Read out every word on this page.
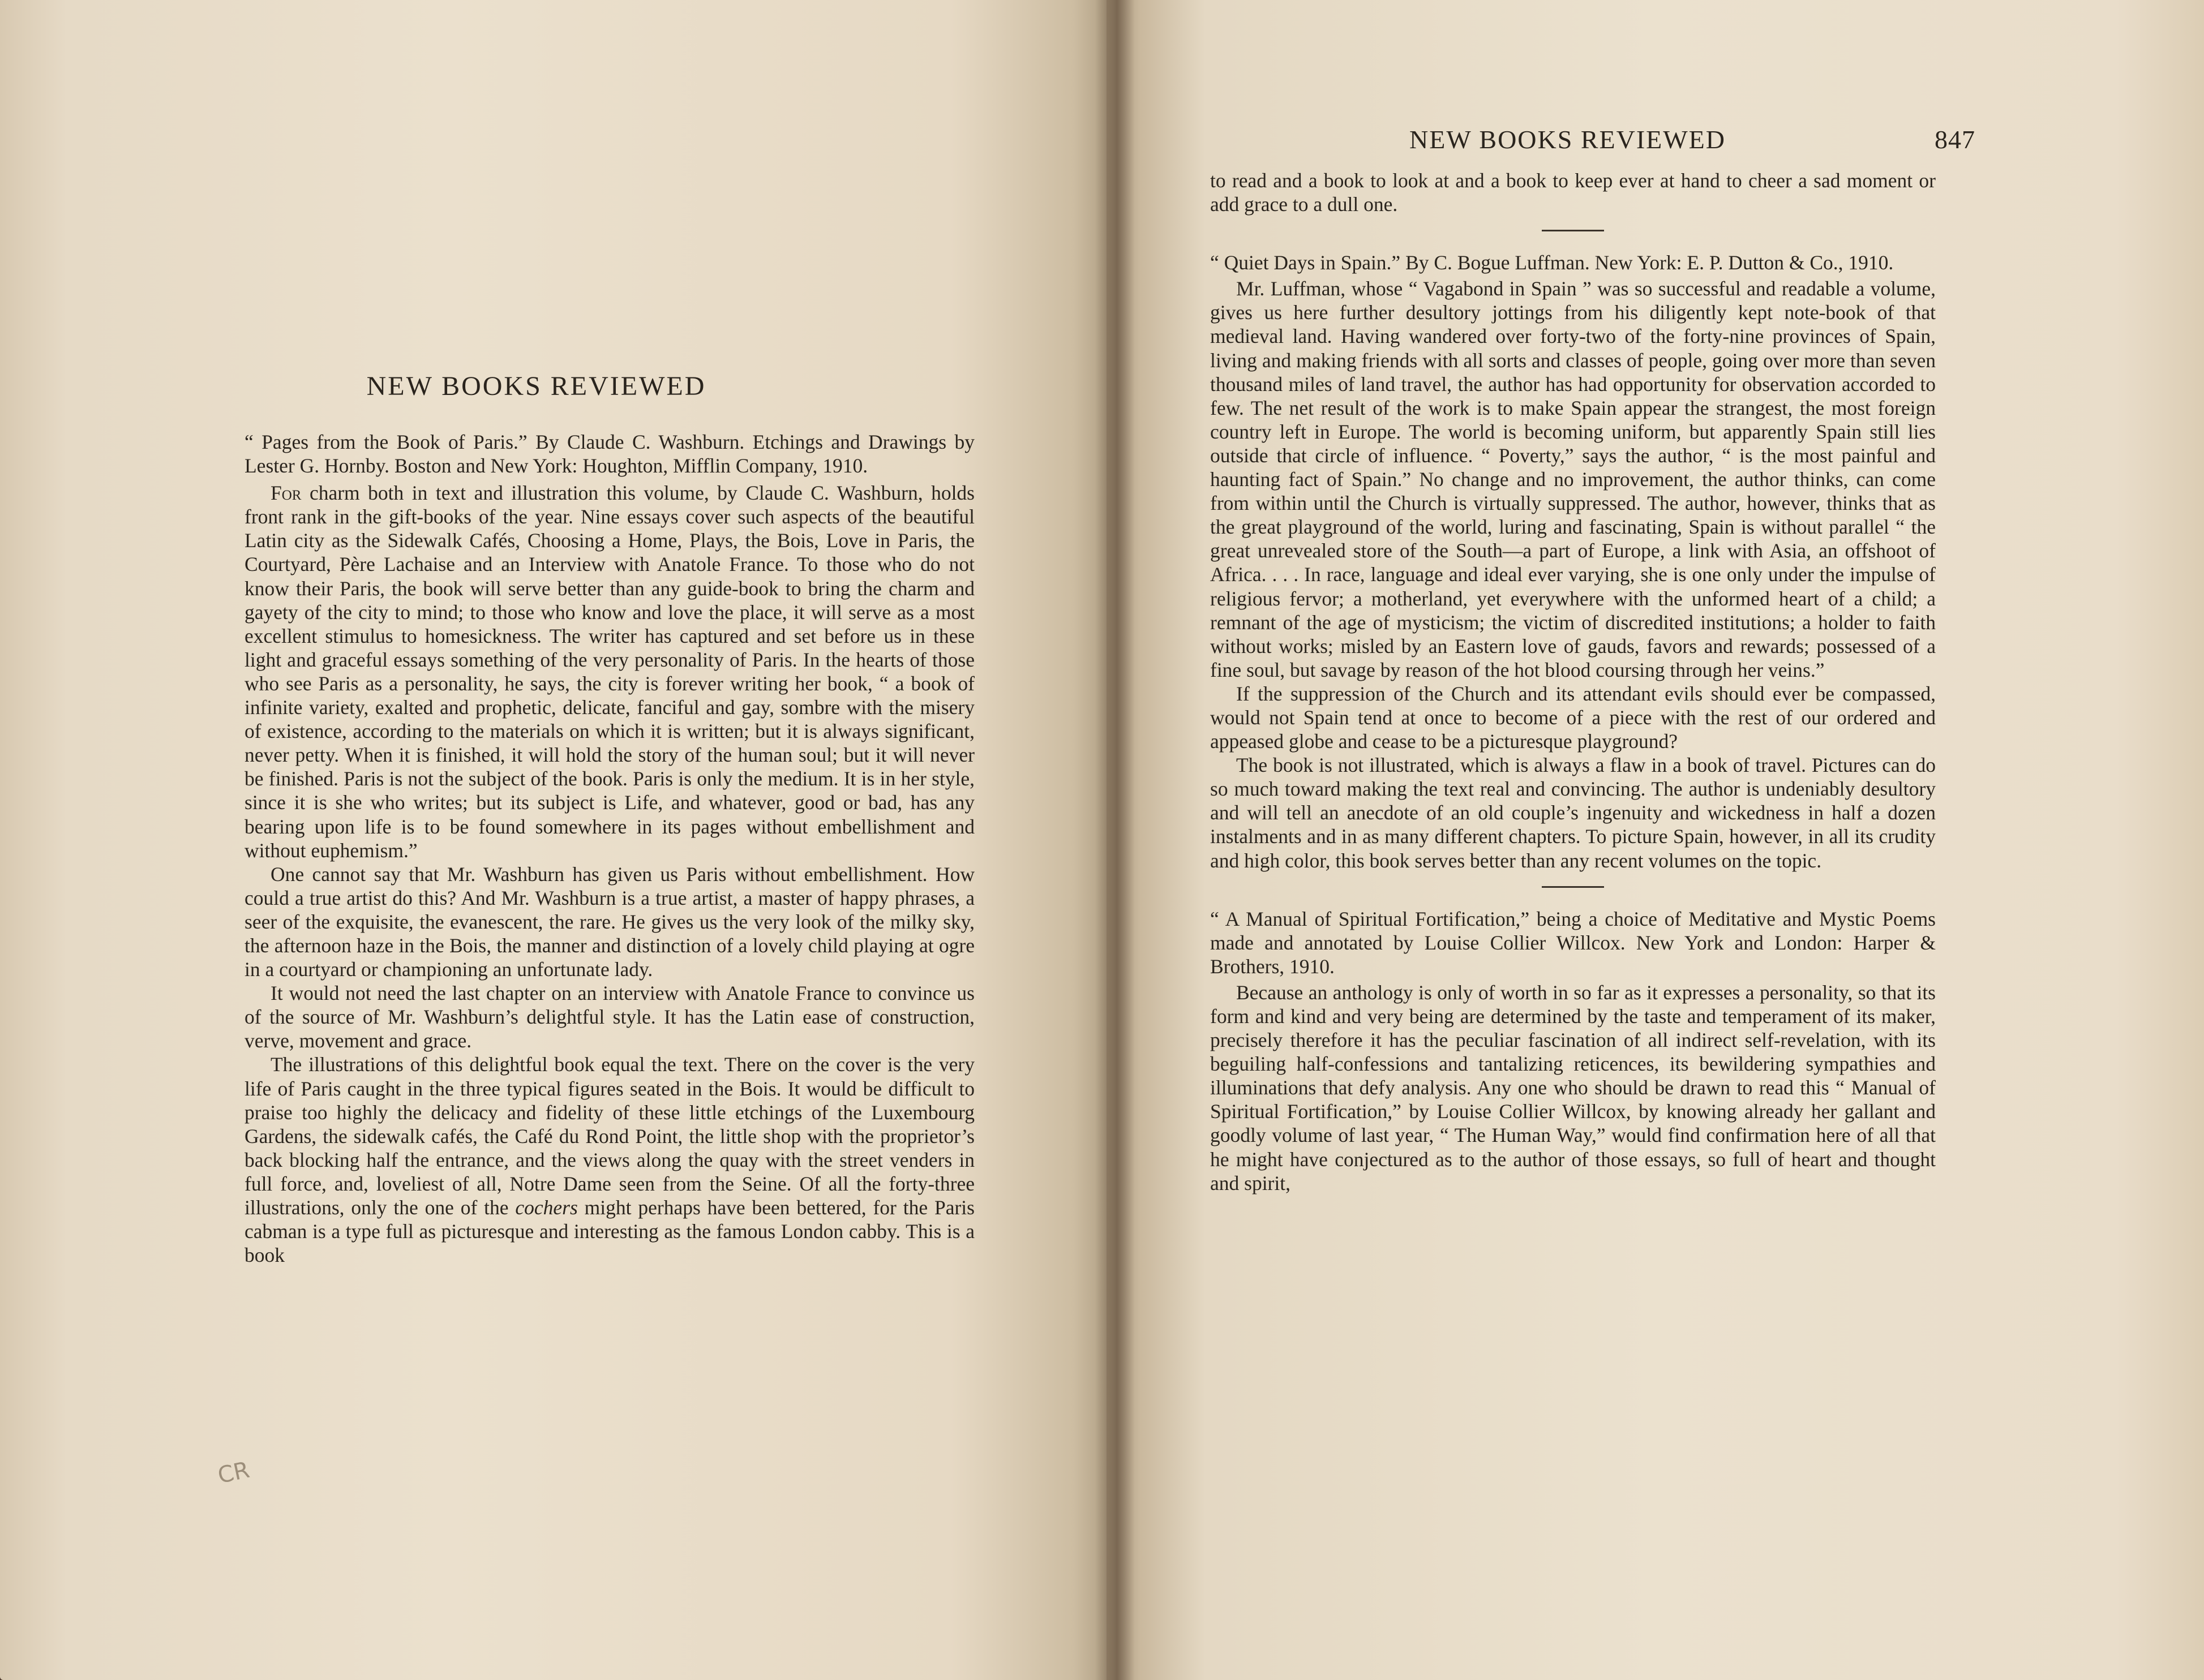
NEW BOOKS REVIEWED

“ Pages from the Book of Paris.” By Claude C. Washburn. Etchings and Drawings by Lester G. Hornby. Boston and New York: Houghton, Mifflin Company, 1910.

For charm both in text and illustration this volume, by Claude C. Washburn, holds front rank in the gift-books of the year. Nine essays cover such aspects of the beautiful Latin city as the Sidewalk Cafés, Choosing a Home, Plays, the Bois, Love in Paris, the Courtyard, Père Lachaise and an Interview with Anatole France. To those who do not know their Paris, the book will serve better than any guide-book to bring the charm and gayety of the city to mind; to those who know and love the place, it will serve as a most excellent stimulus to homesickness. The writer has captured and set before us in these light and graceful essays something of the very personality of Paris. In the hearts of those who see Paris as a personality, he says, the city is forever writing her book, “ a book of infinite variety, exalted and prophetic, delicate, fanciful and gay, sombre with the misery of existence, according to the materials on which it is written; but it is always significant, never petty. When it is finished, it will hold the story of the human soul; but it will never be finished. Paris is not the subject of the book. Paris is only the medium. It is in her style, since it is she who writes; but its subject is Life, and whatever, good or bad, has any bearing upon life is to be found somewhere in its pages without embellishment and without euphemism.”

One cannot say that Mr. Washburn has given us Paris without embellishment. How could a true artist do this? And Mr. Washburn is a true artist, a master of happy phrases, a seer of the exquisite, the evanescent, the rare. He gives us the very look of the milky sky, the afternoon haze in the Bois, the manner and distinction of a lovely child playing at ogre in a courtyard or championing an unfortunate lady.

It would not need the last chapter on an interview with Anatole France to convince us of the source of Mr. Washburn’s delightful style. It has the Latin ease of construction, verve, movement and grace.

The illustrations of this delightful book equal the text. There on the cover is the very life of Paris caught in the three typical figures seated in the Bois. It would be difficult to praise too highly the delicacy and fidelity of these little etchings of the Luxembourg Gardens, the sidewalk cafés, the Café du Rond Point, the little shop with the proprietor’s back blocking half the entrance, and the views along the quay with the street venders in full force, and, loveliest of all, Notre Dame seen from the Seine. Of all the forty-three illustrations, only the one of the cochers might perhaps have been bettered, for the Paris cabman is a type full as picturesque and interesting as the famous London cabby. This is a book

CR
NEW BOOKS REVIEWED	847

to read and a book to look at and a book to keep ever at hand to cheer a sad moment or add grace to a dull one.

“ Quiet Days in Spain.” By C. Bogue Luffman. New York: E. P. Dutton & Co., 1910.

Mr. Luffman, whose “ Vagabond in Spain ” was so successful and readable a volume, gives us here further desultory jottings from his diligently kept note-book of that medieval land. Having wandered over forty-two of the forty-nine provinces of Spain, living and making friends with all sorts and classes of people, going over more than seven thousand miles of land travel, the author has had opportunity for observation accorded to few. The net result of the work is to make Spain appear the strangest, the most foreign country left in Europe. The world is becoming uniform, but apparently Spain still lies outside that circle of influence. “ Poverty,” says the author, “ is the most painful and haunting fact of Spain.” No change and no improvement, the author thinks, can come from within until the Church is virtually suppressed. The author, however, thinks that as the great playground of the world, luring and fascinating, Spain is without parallel “ the great unrevealed store of the South—a part of Europe, a link with Asia, an offshoot of Africa. . . . In race, language and ideal ever varying, she is one only under the impulse of religious fervor; a motherland, yet everywhere with the unformed heart of a child; a remnant of the age of mysticism; the victim of discredited institutions; a holder to faith without works; misled by an Eastern love of gauds, favors and rewards; possessed of a fine soul, but savage by reason of the hot blood coursing through her veins.”

If the suppression of the Church and its attendant evils should ever be compassed, would not Spain tend at once to become of a piece with the rest of our ordered and appeased globe and cease to be a picturesque playground?

The book is not illustrated, which is always a flaw in a book of travel. Pictures can do so much toward making the text real and convincing. The author is undeniably desultory and will tell an anecdote of an old couple’s ingenuity and wickedness in half a dozen instalments and in as many different chapters. To picture Spain, however, in all its crudity and high color, this book serves better than any recent volumes on the topic.

“ A Manual of Spiritual Fortification,” being a choice of Meditative and Mystic Poems made and annotated by Louise Collier Willcox. New York and London: Harper & Brothers, 1910.

Because an anthology is only of worth in so far as it expresses a personality, so that its form and kind and very being are determined by the taste and temperament of its maker, precisely therefore it has the peculiar fascination of all indirect self-revelation, with its beguiling half-confessions and tantalizing reticences, its bewildering sympathies and illuminations that defy analysis. Any one who should be drawn to read this “ Manual of Spiritual Fortification,” by Louise Collier Willcox, by knowing already her gallant and goodly volume of last year, “ The Human Way,” would find confirmation here of all that he might have conjectured as to the author of those essays, so full of heart and thought and spirit,
